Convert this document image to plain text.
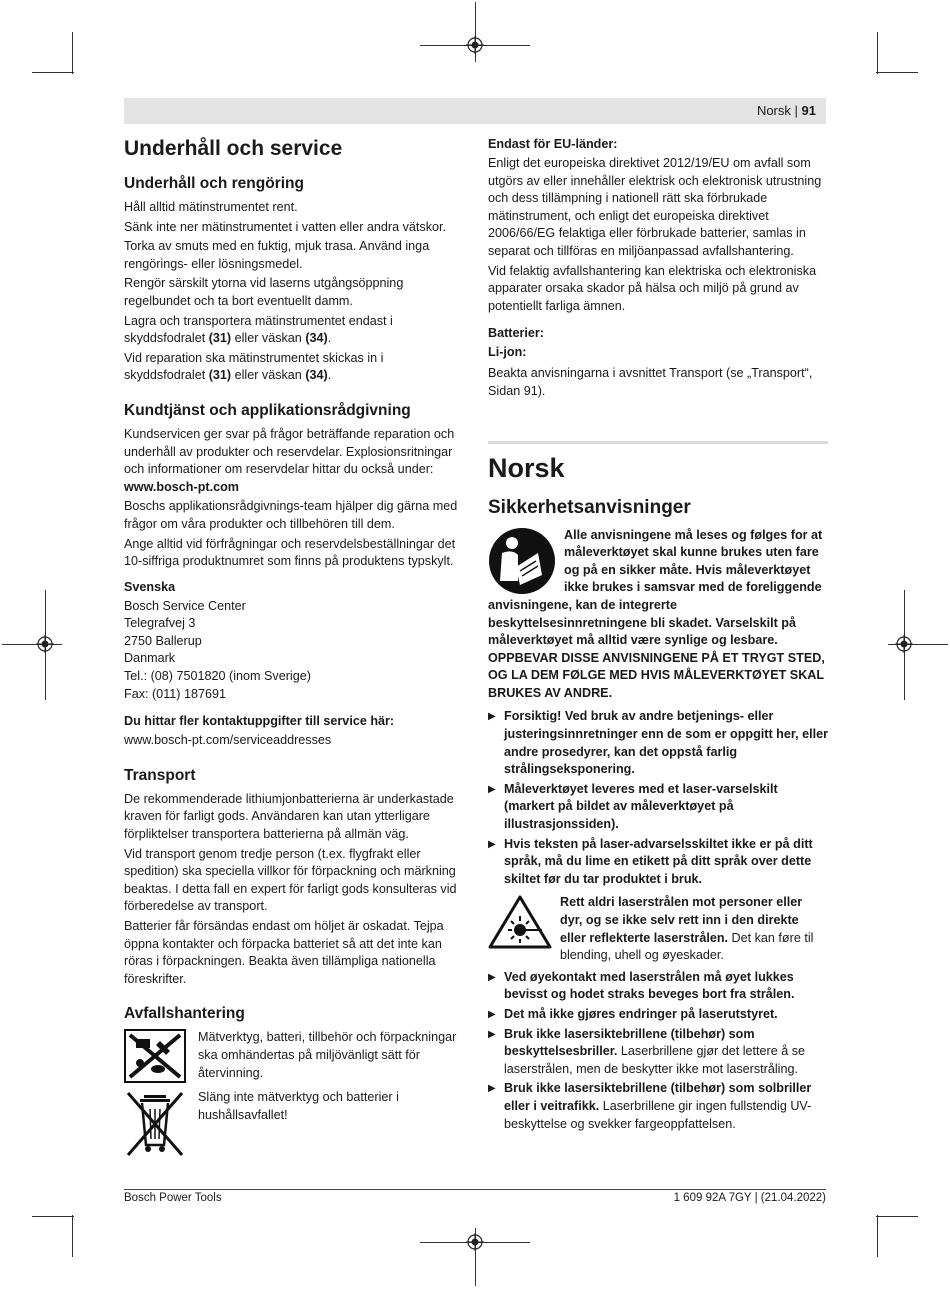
Norsk | 91
Underhåll och service
Underhåll och rengöring

Håll alltid mätinstrumentet rent.

Sänk inte ner mätinstrumentet i vatten eller andra vätskor.

Torka av smuts med en fuktig, mjuk trasa. Använd inga rengörings- eller lösningsmedel.

Rengör särskilt ytorna vid laserns utgångsöppning regelbundet och ta bort eventuellt damm.

Lagra och transportera mätinstrumentet endast i skyddsfodralet (31) eller väskan (34).

Vid reparation ska mätinstrumentet skickas in i skyddsfodralet (31) eller väskan (34).

Kundtjänst och applikationsrådgivning

Kundservicen ger svar på frågor beträffande reparation och underhåll av produkter och reservdelar. Explosionsritningar och informationer om reservdelar hittar du också under:

www.bosch-pt.com

Boschs applikationsrådgivnings-team hjälper dig gärna med frågor om våra produkter och tillbehören till dem.

Ange alltid vid förfrågningar och reservdelsbeställningar det 10-siffriga produktnumret som finns på produktens typskylt.

Svenska

Bosch Service Center

Telegrafvej 3

2750 Ballerup

Danmark

Tel.: (08) 7501820 (inom Sverige)

Fax: (011) 187691

Du hittar fler kontaktuppgifter till service här:

www.bosch-pt.com/serviceaddresses

Transport

De rekommenderade lithiumjonbatterierna är underkastade kraven för farligt gods. Användaren kan utan ytterligare förpliktelser transportera batterierna på allmän väg.

Vid transport genom tredje person (t.ex. flygfrakt eller spedition) ska speciella villkor för förpackning och märkning beaktas. I detta fall en expert för farligt gods konsulteras vid förberedelse av transport.

Batterier får försändas endast om höljet är oskadat. Tejpa öppna kontakter och förpacka batteriet så att det inte kan röras i förpackningen. Beakta även tillämpliga nationella föreskrifter.

Avfallshantering

Mätverktyg, batteri, tillbehör och förpackningar ska omhändertas på miljövänligt sätt för återvinning.

Släng inte mätverktyg och batterier i hushållsavfallet!

Endast för EU-länder:

Enligt det europeiska direktivet 2012/19/EU om avfall som utgörs av eller innehåller elektrisk och elektronisk utrustning och dess tillämpning i nationell rätt ska förbrukade mätinstrument, och enligt det europeiska direktivet 2006/66/EG felaktiga eller förbrukade batterier, samlas in separat och tillföras en miljöanpassad avfallshantering.

Vid felaktig avfallshantering kan elektriska och elektroniska apparater orsaka skador på hälsa och miljö på grund av potentiellt farliga ämnen.

Batterier:
Li-jon:

Beakta anvisningarna i avsnittet Transport (se „Transport“, Sidan 91).

Norsk
Sikkerhetsanvisninger

Alle anvisningene må leses og følges for at måleverktøyet skal kunne brukes uten fare og på en sikker måte. Hvis måleverktøyet ikke brukes i samsvar med de foreliggende anvisningene, kan de integrerte beskyttelsesinnretningene bli skadet. Varselskilt på måleverktøyet må alltid være synlige og lesbare. OPPBEVAR DISSE ANVISNINGENE PÅ ET TRYGT STED, OG LA DEM FØLGE MED HVIS MÅLEVERKTØYET SKAL BRUKES AV ANDRE.

▶ Forsiktig! Ved bruk av andre betjenings- eller justeringsinnretninger enn de som er oppgitt her, eller andre prosedyrer, kan det oppstå farlig strålingseksponering.

▶ Måleverktøyet leveres med et laser-varselskilt (markert på bildet av måleverktøyet på illustrasjonssiden).

▶ Hvis teksten på laser-advarselsskiltet ikke er på ditt språk, må du lime en etikett på ditt språk over dette skiltet før du tar produktet i bruk.

Rett aldri laserstrålen mot personer eller dyr, og se ikke selv rett inn i den direkte eller reflekterte laserstrålen. Det kan føre til blending, uhell og øyeskader.

▶ Ved øyekontakt med laserstrålen må øyet lukkes bevisst og hodet straks beveges bort fra strålen.

▶ Det må ikke gjøres endringer på laserutstyret.

▶ Bruk ikke lasersiktebrillene (tilbehør) som beskyttelsesbriller. Laserbrillene gjør det lettere å se laserstrålen, men de beskytter ikke mot laserstråling.

▶ Bruk ikke lasersiktebrillene (tilbehør) som solbriller eller i veitrafikk. Laserbrillene gir ingen fullstendig UV-beskyttelse og svekker fargeoppfattelsen.

Bosch Power Tools	1 609 92A 7GY | (21.04.2022)
